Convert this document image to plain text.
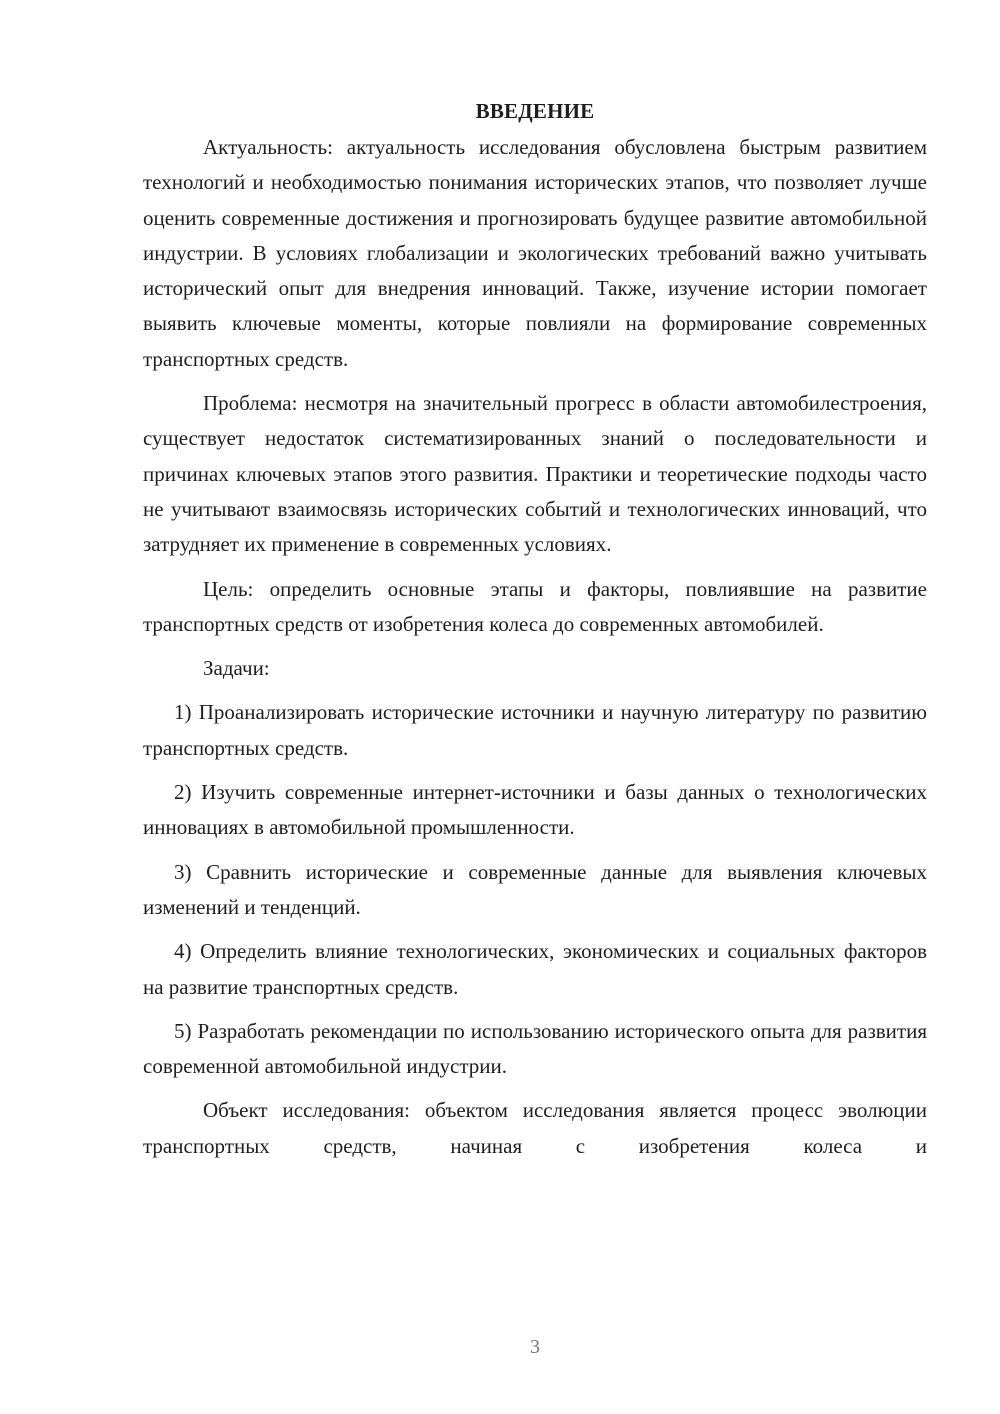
ВВЕДЕНИЕ

Актуальность: актуальность исследования обусловлена быстрым развитием технологий и необходимостью понимания исторических этапов, что позволяет лучше оценить современные достижения и прогнозировать будущее развитие автомобильной индустрии. В условиях глобализации и экологических требований важно учитывать исторический опыт для внедрения инноваций. Также, изучение истории помогает выявить ключевые моменты, которые повлияли на формирование современных транспортных средств.

Проблема: несмотря на значительный прогресс в области автомобилестроения, существует недостаток систематизированных знаний о последовательности и причинах ключевых этапов этого развития. Практики и теоретические подходы часто не учитывают взаимосвязь исторических событий и технологических инноваций, что затрудняет их применение в современных условиях.

Цель: определить основные этапы и факторы, повлиявшие на развитие транспортных средств от изобретения колеса до современных автомобилей.

Задачи:

1) Проанализировать исторические источники и научную литературу по развитию транспортных средств.

2) Изучить современные интернет-источники и базы данных о технологических инновациях в автомобильной промышленности.

3) Сравнить исторические и современные данные для выявления ключевых изменений и тенденций.

4) Определить влияние технологических, экономических и социальных факторов на развитие транспортных средств.

5) Разработать рекомендации по использованию исторического опыта для развития современной автомобильной индустрии.

Объект исследования: объектом исследования является процесс эволюции транспортных средств, начиная с изобретения колеса и

3
